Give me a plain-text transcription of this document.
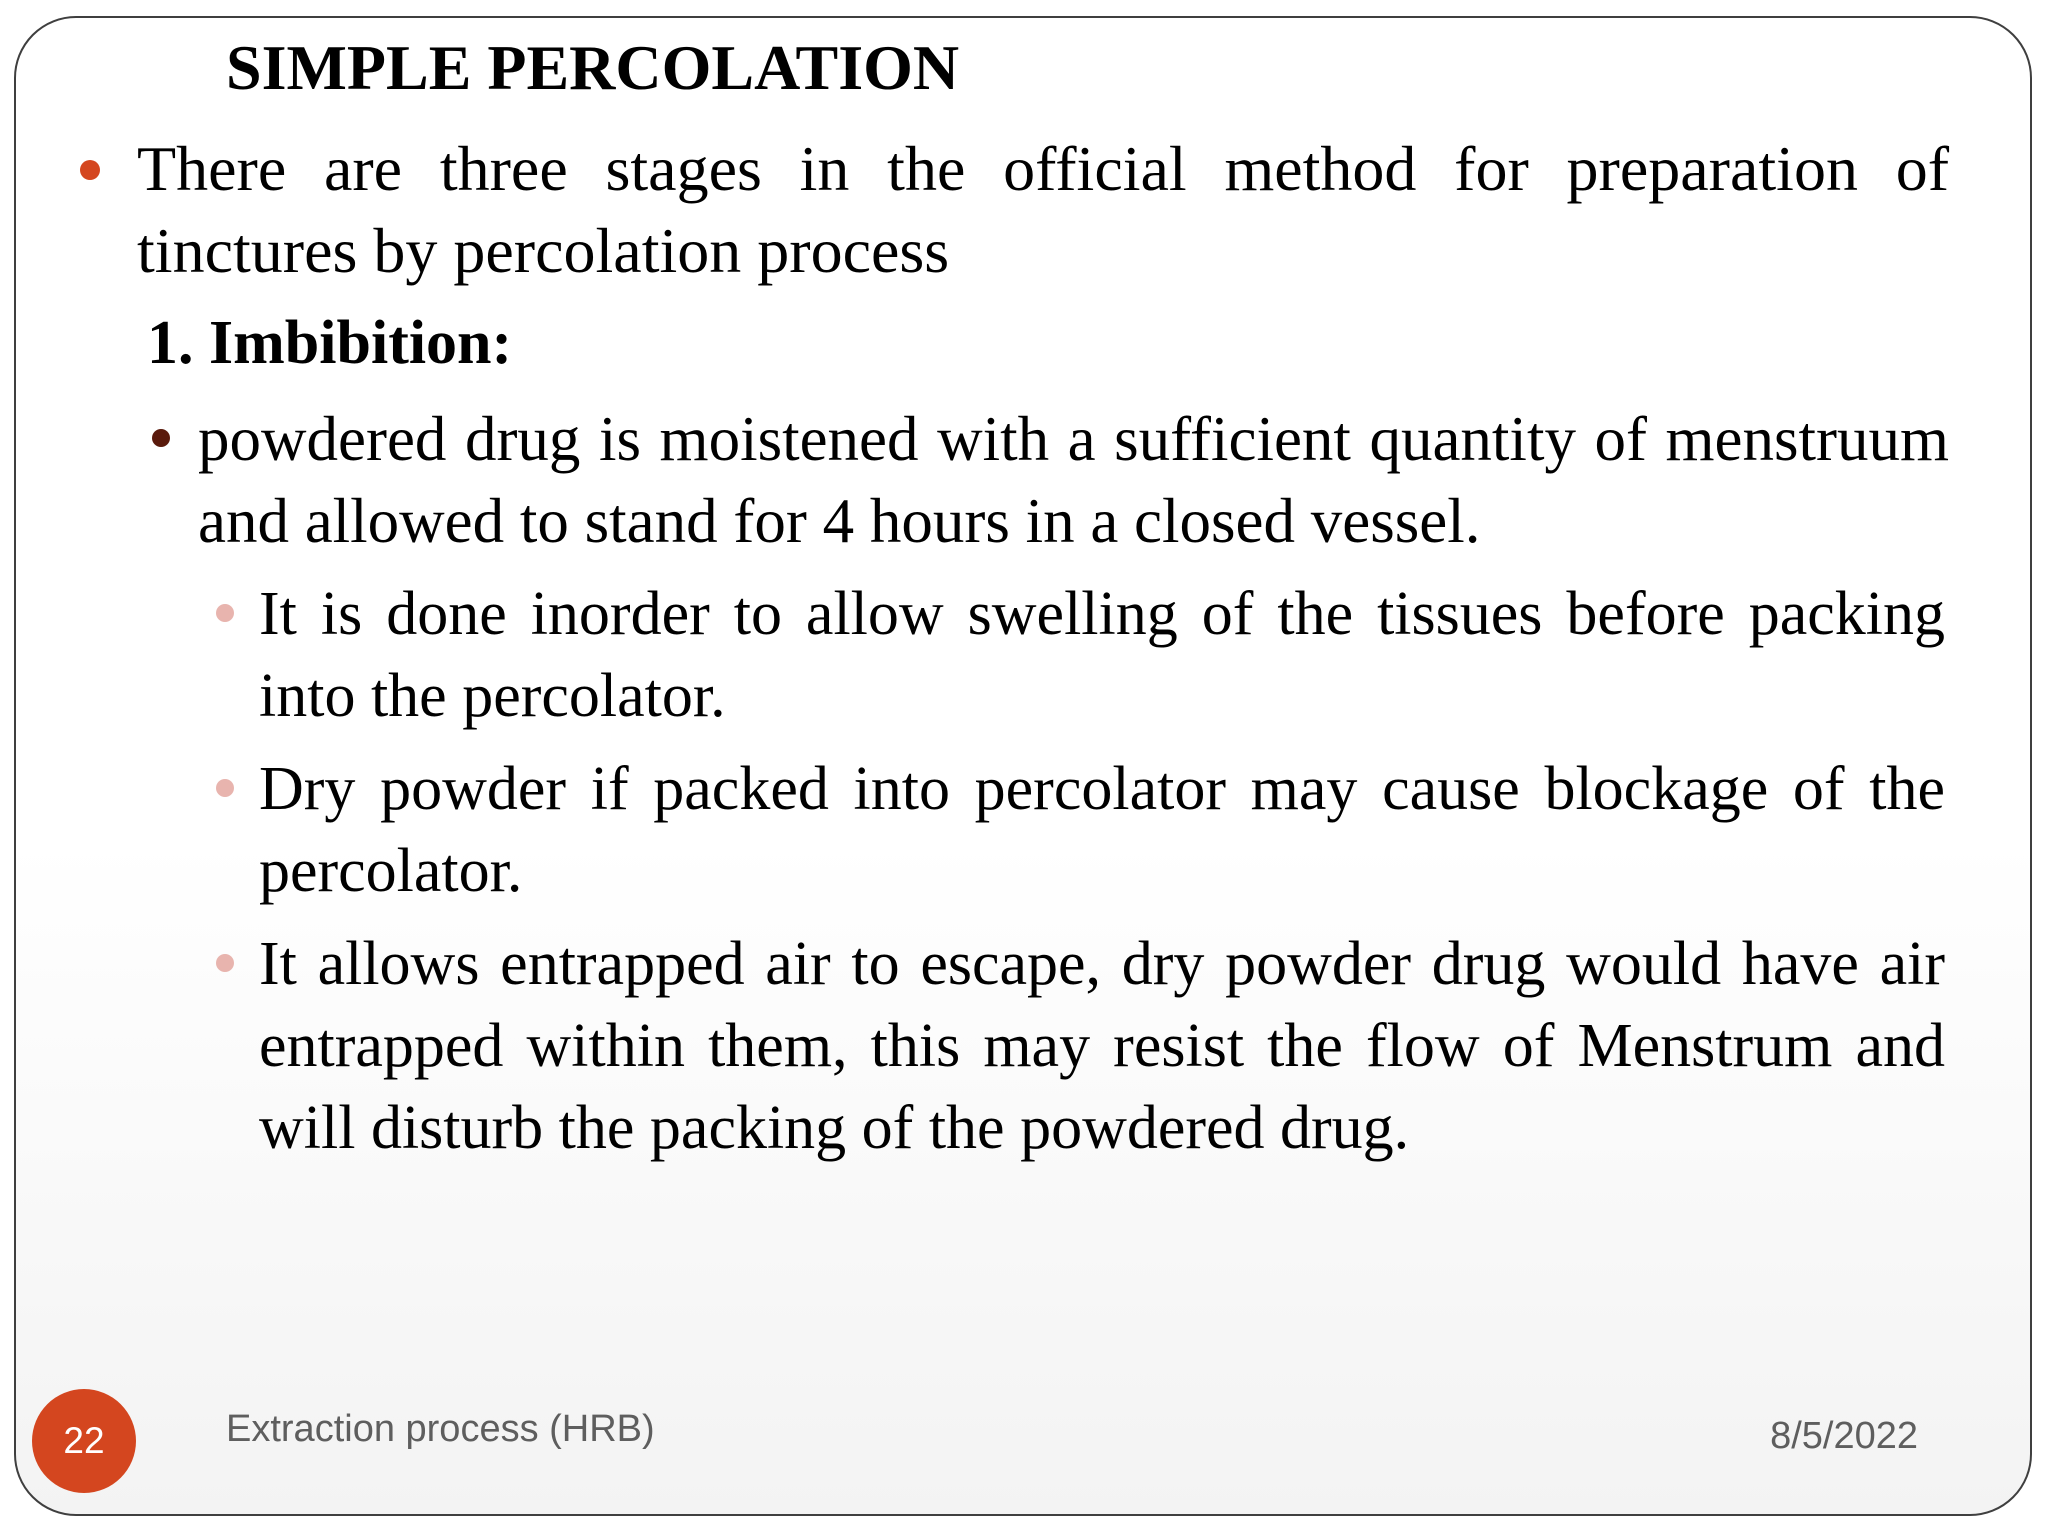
SIMPLE PERCOLATION

There are three stages in the official method for preparation of tinctures by percolation process

1. Imbibition:

powdered drug is moistened with a sufficient quantity of menstruum and allowed to stand for 4 hours in a closed vessel.

It is done inorder to allow swelling of the tissues before packing into the percolator.

Dry powder if packed into percolator may cause blockage of the percolator.

It allows entrapped air to escape, dry powder drug would have air entrapped within them, this may resist the flow of Menstrum and will disturb the packing of the powdered drug.

22	Extraction process (HRB)	8/5/2022
